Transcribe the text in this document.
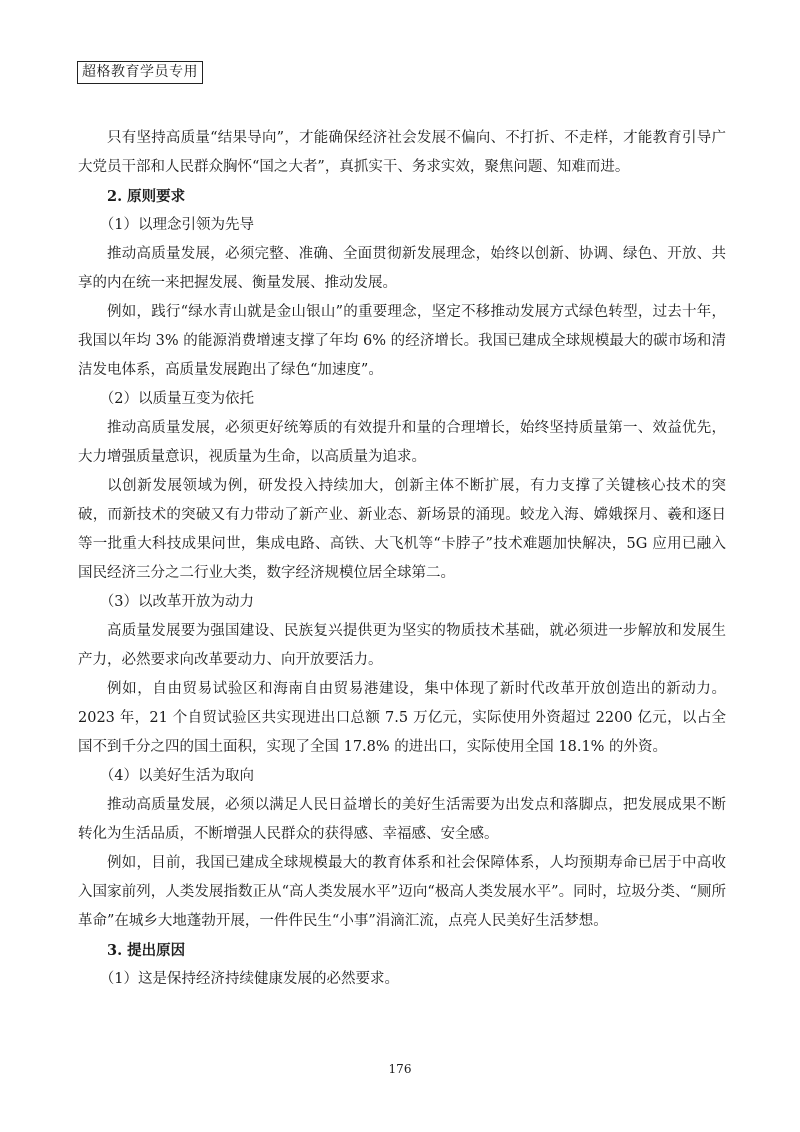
超格教育学员专用

只有坚持高质量“结果导向”，才能确保经济社会发展不偏向、不打折、不走样，才能教育引导广大党员干部和人民群众胸怀“国之大者”，真抓实干、务求实效，聚焦问题、知难而进。

2. 原则要求

（1）以理念引领为先导

推动高质量发展，必须完整、准确、全面贯彻新发展理念，始终以创新、协调、绿色、开放、共享的内在统一来把握发展、衡量发展、推动发展。

例如，践行“绿水青山就是金山银山”的重要理念，坚定不移推动发展方式绿色转型，过去十年，我国以年均 3% 的能源消费增速支撑了年均 6% 的经济增长。我国已建成全球规模最大的碳市场和清洁发电体系，高质量发展跑出了绿色“加速度”。

（2）以质量互变为依托

推动高质量发展，必须更好统筹质的有效提升和量的合理增长，始终坚持质量第一、效益优先，大力增强质量意识，视质量为生命，以高质量为追求。

以创新发展领域为例，研发投入持续加大，创新主体不断扩展，有力支撑了关键核心技术的突破，而新技术的突破又有力带动了新产业、新业态、新场景的涌现。蛟龙入海、嫦娥探月、羲和逐日等一批重大科技成果问世，集成电路、高铁、大飞机等“卡脖子”技术难题加快解决，5G 应用已融入国民经济三分之二行业大类，数字经济规模位居全球第二。

（3）以改革开放为动力

高质量发展要为强国建设、民族复兴提供更为坚实的物质技术基础，就必须进一步解放和发展生产力，必然要求向改革要动力、向开放要活力。

例如，自由贸易试验区和海南自由贸易港建设，集中体现了新时代改革开放创造出的新动力。2023 年，21 个自贸试验区共实现进出口总额 7.5 万亿元，实际使用外资超过 2200 亿元，以占全国不到千分之四的国土面积，实现了全国 17.8% 的进出口，实际使用全国 18.1% 的外资。

（4）以美好生活为取向

推动高质量发展，必须以满足人民日益增长的美好生活需要为出发点和落脚点，把发展成果不断转化为生活品质，不断增强人民群众的获得感、幸福感、安全感。

例如，目前，我国已建成全球规模最大的教育体系和社会保障体系，人均预期寿命已居于中高收入国家前列，人类发展指数正从“高人类发展水平”迈向“极高人类发展水平”。同时，垃圾分类、“厕所革命”在城乡大地蓬勃开展，一件件民生“小事”涓滴汇流，点亮人民美好生活梦想。

3. 提出原因

（1）这是保持经济持续健康发展的必然要求。

176
